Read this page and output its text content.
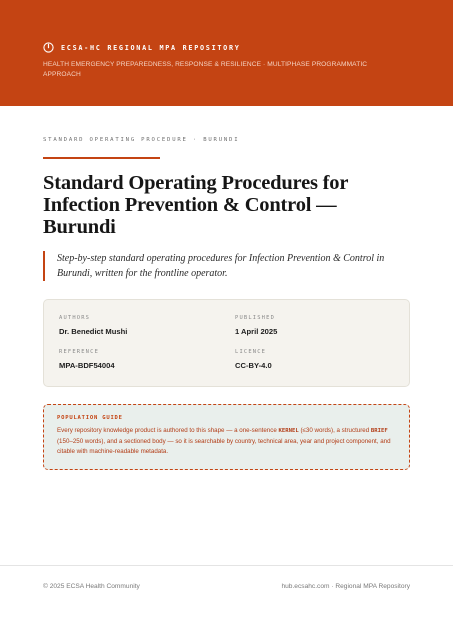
ECSA-HC REGIONAL MPA REPOSITORY
HEALTH EMERGENCY PREPAREDNESS, RESPONSE & RESILIENCE · MULTIPHASE PROGRAMMATIC APPROACH
STANDARD OPERATING PROCEDURE · BURUNDI
Standard Operating Procedures for Infection Prevention & Control — Burundi

Step-by-step standard operating procedures for Infection Prevention & Control in Burundi, written for the frontline operator.

AUTHORS
Dr. Benedict Mushi
PUBLISHED
1 April 2025
REFERENCE
MPA-BDF54004
LICENCE
CC-BY-4.0
POPULATION GUIDE

Every repository knowledge product is authored to this shape — a one-sentence KERNEL (≤30 words), a structured BRIEF (150–250 words), and a sectioned body — so it is searchable by country, technical area, year and project component, and citable with machine-readable metadata.

© 2025 ECSA Health Community	hub.ecsahc.com · Regional MPA Repository
